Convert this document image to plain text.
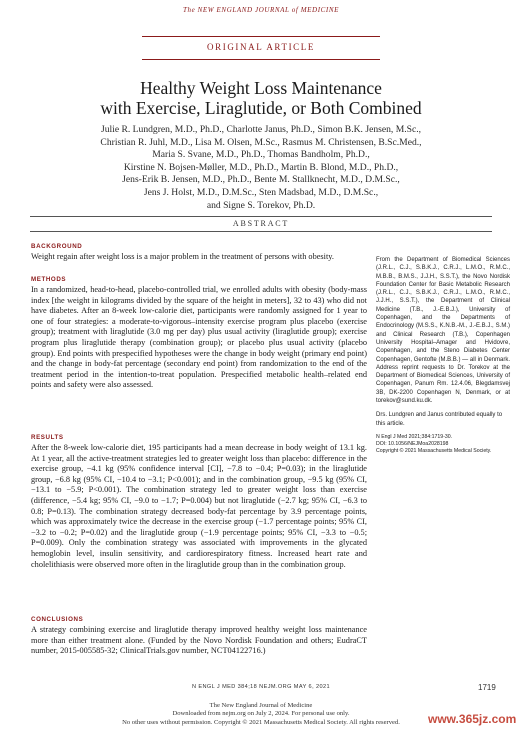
The NEW ENGLAND JOURNAL of MEDICINE
ORIGINAL ARTICLE
Healthy Weight Loss Maintenance
with Exercise, Liraglutide, or Both Combined
Julie R. Lundgren, M.D., Ph.D., Charlotte Janus, Ph.D., Simon B.K. Jensen, M.Sc.,
Christian R. Juhl, M.D., Lisa M. Olsen, M.Sc., Rasmus M. Christensen, B.Sc.Med.,
Maria S. Svane, M.D., Ph.D., Thomas Bandholm, Ph.D.,
Kirstine N. Bojsen-Møller, M.D., Ph.D., Martin B. Blond, M.D., Ph.D.,
Jens-Erik B. Jensen, M.D., Ph.D., Bente M. Stallknecht, M.D., D.M.Sc.,
Jens J. Holst, M.D., D.M.Sc., Sten Madsbad, M.D., D.M.Sc.,
and Signe S. Torekov, Ph.D.
ABSTRACT
BACKGROUND
Weight regain after weight loss is a major problem in the treatment of persons with obesity.
METHODS
In a randomized, head-to-head, placebo-controlled trial, we enrolled adults with obesity (body-mass index [the weight in kilograms divided by the square of the height in meters], 32 to 43) who did not have diabetes. After an 8-week low-calorie diet, participants were randomly assigned for 1 year to one of four strategies: a moderate-to-vigorous–intensity exercise program plus placebo (exercise group); treatment with liraglutide (3.0 mg per day) plus usual activity (liraglutide group); exercise program plus liraglutide therapy (combination group); or placebo plus usual activity (placebo group). End points with prespecified hypotheses were the change in body weight (primary end point) and the change in body-fat percentage (secondary end point) from randomization to the end of the treatment period in the intention-to-treat population. Prespecified metabolic health–related end points and safety were also assessed.
RESULTS
After the 8-week low-calorie diet, 195 participants had a mean decrease in body weight of 13.1 kg. At 1 year, all the active-treatment strategies led to greater weight loss than placebo: difference in the exercise group, −4.1 kg (95% confidence interval [CI], −7.8 to −0.4; P=0.03); in the liraglutide group, −6.8 kg (95% CI, −10.4 to −3.1; P<0.001); and in the combination group, −9.5 kg (95% CI, −13.1 to −5.9; P<0.001). The combination strategy led to greater weight loss than exercise (difference, −5.4 kg; 95% CI, −9.0 to −1.7; P=0.004) but not liraglutide (−2.7 kg; 95% CI, −6.3 to 0.8; P=0.13). The combination strategy decreased body-fat percentage by 3.9 percentage points, which was approximately twice the decrease in the exercise group (−1.7 percentage points; 95% CI, −3.2 to −0.2; P=0.02) and the liraglutide group (−1.9 percentage points; 95% CI, −3.3 to −0.5; P=0.009). Only the combination strategy was associated with improvements in the glycated hemoglobin level, insulin sensitivity, and cardiorespiratory fitness. Increased heart rate and cholelithiasis were observed more often in the liraglutide group than in the combination group.
CONCLUSIONS
A strategy combining exercise and liraglutide therapy improved healthy weight loss maintenance more than either treatment alone. (Funded by the Novo Nordisk Foundation and others; EudraCT number, 2015-005585-32; ClinicalTrials.gov number, NCT04122716.)
From the Department of Biomedical Sciences (J.R.L., C.J., S.B.K.J., C.R.J., L.M.O., R.M.C., M.B.B., B.M.S., J.J.H., S.S.T.), the Novo Nordisk Foundation Center for Basic Metabolic Research (J.R.L., C.J., S.B.K.J., C.R.J., L.M.O., R.M.C., J.J.H., S.S.T.), the Department of Clinical Medicine (T.B., J.-E.B.J.), University of Copenhagen, and the Departments of Endocrinology (M.S.S., K.N.B.-M., J.-E.B.J., S.M.) and Clinical Research (T.B.), Copenhagen University Hospital–Amager and Hvidovre, Copenhagen, and the Steno Diabetes Center Copenhagen, Gentofte (M.B.B.) — all in Denmark. Address reprint requests to Dr. Torekov at the Department of Biomedical Sciences, University of Copenhagen, Panum Rm. 12.4.06, Blegdamsvej 3B, DK-2200 Copenhagen N, Denmark, or at torekov@sund.ku.dk.
Drs. Lundgren and Janus contributed equally to this article.
N Engl J Med 2021;384:1719-30.
DOI: 10.1056/NEJMoa2028198
Copyright © 2021 Massachusetts Medical Society.
N ENGL J MED 384;18 NEJM.ORG MAY 6, 2021	1719
The New England Journal of Medicine
Downloaded from nejm.org on July 2, 2024. For personal use only.
No other uses without permission. Copyright © 2021 Massachusetts Medical Society. All rights reserved.	www.365jz.com
